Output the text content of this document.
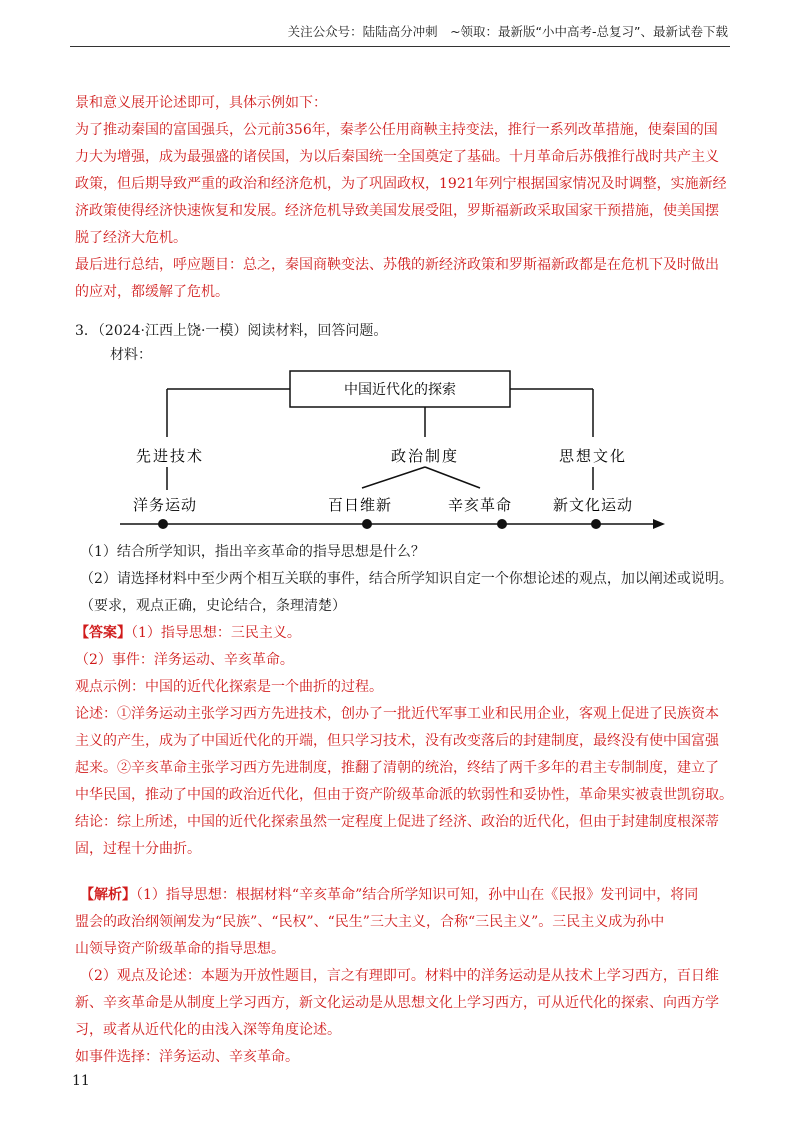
关注公众号：陆陆高分冲刺　~领取：最新版“小中高考-总复习”、最新试卷下载
景和意义展开论述即可，具体示例如下：
为了推动秦国的富国强兵，公元前356年，秦孝公任用商鞅主持变法，推行一系列改革措施，使秦国的国
力大为增强，成为最强盛的诸侯国，为以后秦国统一全国奠定了基础。十月革命后苏俄推行战时共产主义
政策，但后期导致严重的政治和经济危机，为了巩固政权，1921年列宁根据国家情况及时调整，实施新经
济政策使得经济快速恢复和发展。经济危机导致美国发展受阻，罗斯福新政采取国家干预措施，使美国摆
脱了经济大危机。
最后进行总结，呼应题目：总之，秦国商鞅变法、苏俄的新经济政策和罗斯福新政都是在危机下及时做出
的应对，都缓解了危机。
3．（2024·江西上饶·一模）阅读材料，回答问题。
材料：
中国近代化的探索
先进技术	政治制度	思想文化
洋务运动	百日维新	辛亥革命	新文化运动
（1）结合所学知识，指出辛亥革命的指导思想是什么？
（2）请选择材料中至少两个相互关联的事件，结合所学知识自定一个你想论述的观点，加以阐述或说明。
（要求，观点正确，史论结合，条理清楚）
【答案】（1）指导思想：三民主义。
（2）事件：洋务运动、辛亥革命。
观点示例：中国的近代化探索是一个曲折的过程。
论述：①洋务运动主张学习西方先进技术，创办了一批近代军事工业和民用企业，客观上促进了民族资本
主义的产生，成为了中国近代化的开端，但只学习技术，没有改变落后的封建制度，最终没有使中国富强
起来。②辛亥革命主张学习西方先进制度，推翻了清朝的统治，终结了两千多年的君主专制制度，建立了
中华民国，推动了中国的政治近代化，但由于资产阶级革命派的软弱性和妥协性，革命果实被袁世凯窃取。
结论：综上所述，中国的近代化探索虽然一定程度上促进了经济、政治的近代化，但由于封建制度根深蒂
固，过程十分曲折。
【解析】（1）指导思想：根据材料“辛亥革命”结合所学知识可知，孙中山在《民报》发刊词中，将同
盟会的政治纲领阐发为“民族”、“民权”、“民生”三大主义，合称“三民主义”。三民主义成为孙中
山领导资产阶级革命的指导思想。
（2）观点及论述：本题为开放性题目，言之有理即可。材料中的洋务运动是从技术上学习西方，百日维
新、辛亥革命是从制度上学习西方，新文化运动是从思想文化上学习西方，可从近代化的探索、向西方学
习，或者从近代化的由浅入深等角度论述。
如事件选择：洋务运动、辛亥革命。
11
